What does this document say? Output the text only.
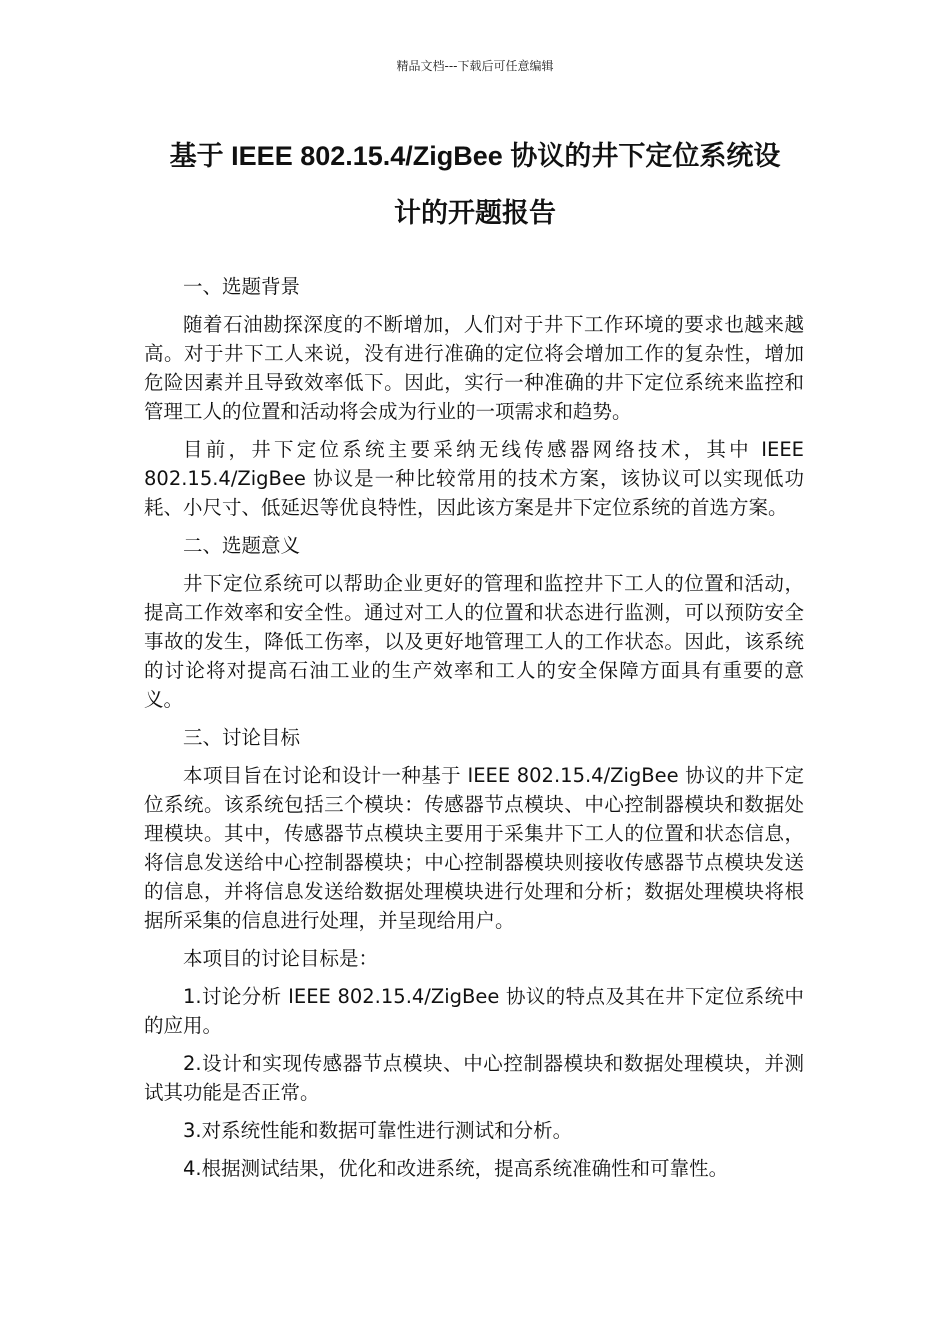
精品文档---下载后可任意编辑
基于 IEEE 802.15.4/ZigBee 协议的井下定位系统设
计的开题报告

一、选题背景

随着石油勘探深度的不断增加，人们对于井下工作环境的要求也越来越高。对于井下工人来说，没有进行准确的定位将会增加工作的复杂性，增加危险因素并且导致效率低下。因此，实行一种准确的井下定位系统来监控和管理工人的位置和活动将会成为行业的一项需求和趋势。

目前，井下定位系统主要采纳无线传感器网络技术，其中 IEEE 802.15.4/ZigBee 协议是一种比较常用的技术方案，该协议可以实现低功耗、小尺寸、低延迟等优良特性，因此该方案是井下定位系统的首选方案。

二、选题意义

井下定位系统可以帮助企业更好的管理和监控井下工人的位置和活动，提高工作效率和安全性。通过对工人的位置和状态进行监测，可以预防安全事故的发生，降低工伤率，以及更好地管理工人的工作状态。因此，该系统的讨论将对提高石油工业的生产效率和工人的安全保障方面具有重要的意义。

三、讨论目标

本项目旨在讨论和设计一种基于 IEEE 802.15.4/ZigBee 协议的井下定位系统。该系统包括三个模块：传感器节点模块、中心控制器模块和数据处理模块。其中，传感器节点模块主要用于采集井下工人的位置和状态信息，将信息发送给中心控制器模块；中心控制器模块则接收传感器节点模块发送的信息，并将信息发送给数据处理模块进行处理和分析；数据处理模块将根据所采集的信息进行处理，并呈现给用户。

本项目的讨论目标是：

1.讨论分析 IEEE 802.15.4/ZigBee 协议的特点及其在井下定位系统中的应用。

2.设计和实现传感器节点模块、中心控制器模块和数据处理模块，并测试其功能是否正常。

3.对系统性能和数据可靠性进行测试和分析。

4.根据测试结果，优化和改进系统，提高系统准确性和可靠性。
